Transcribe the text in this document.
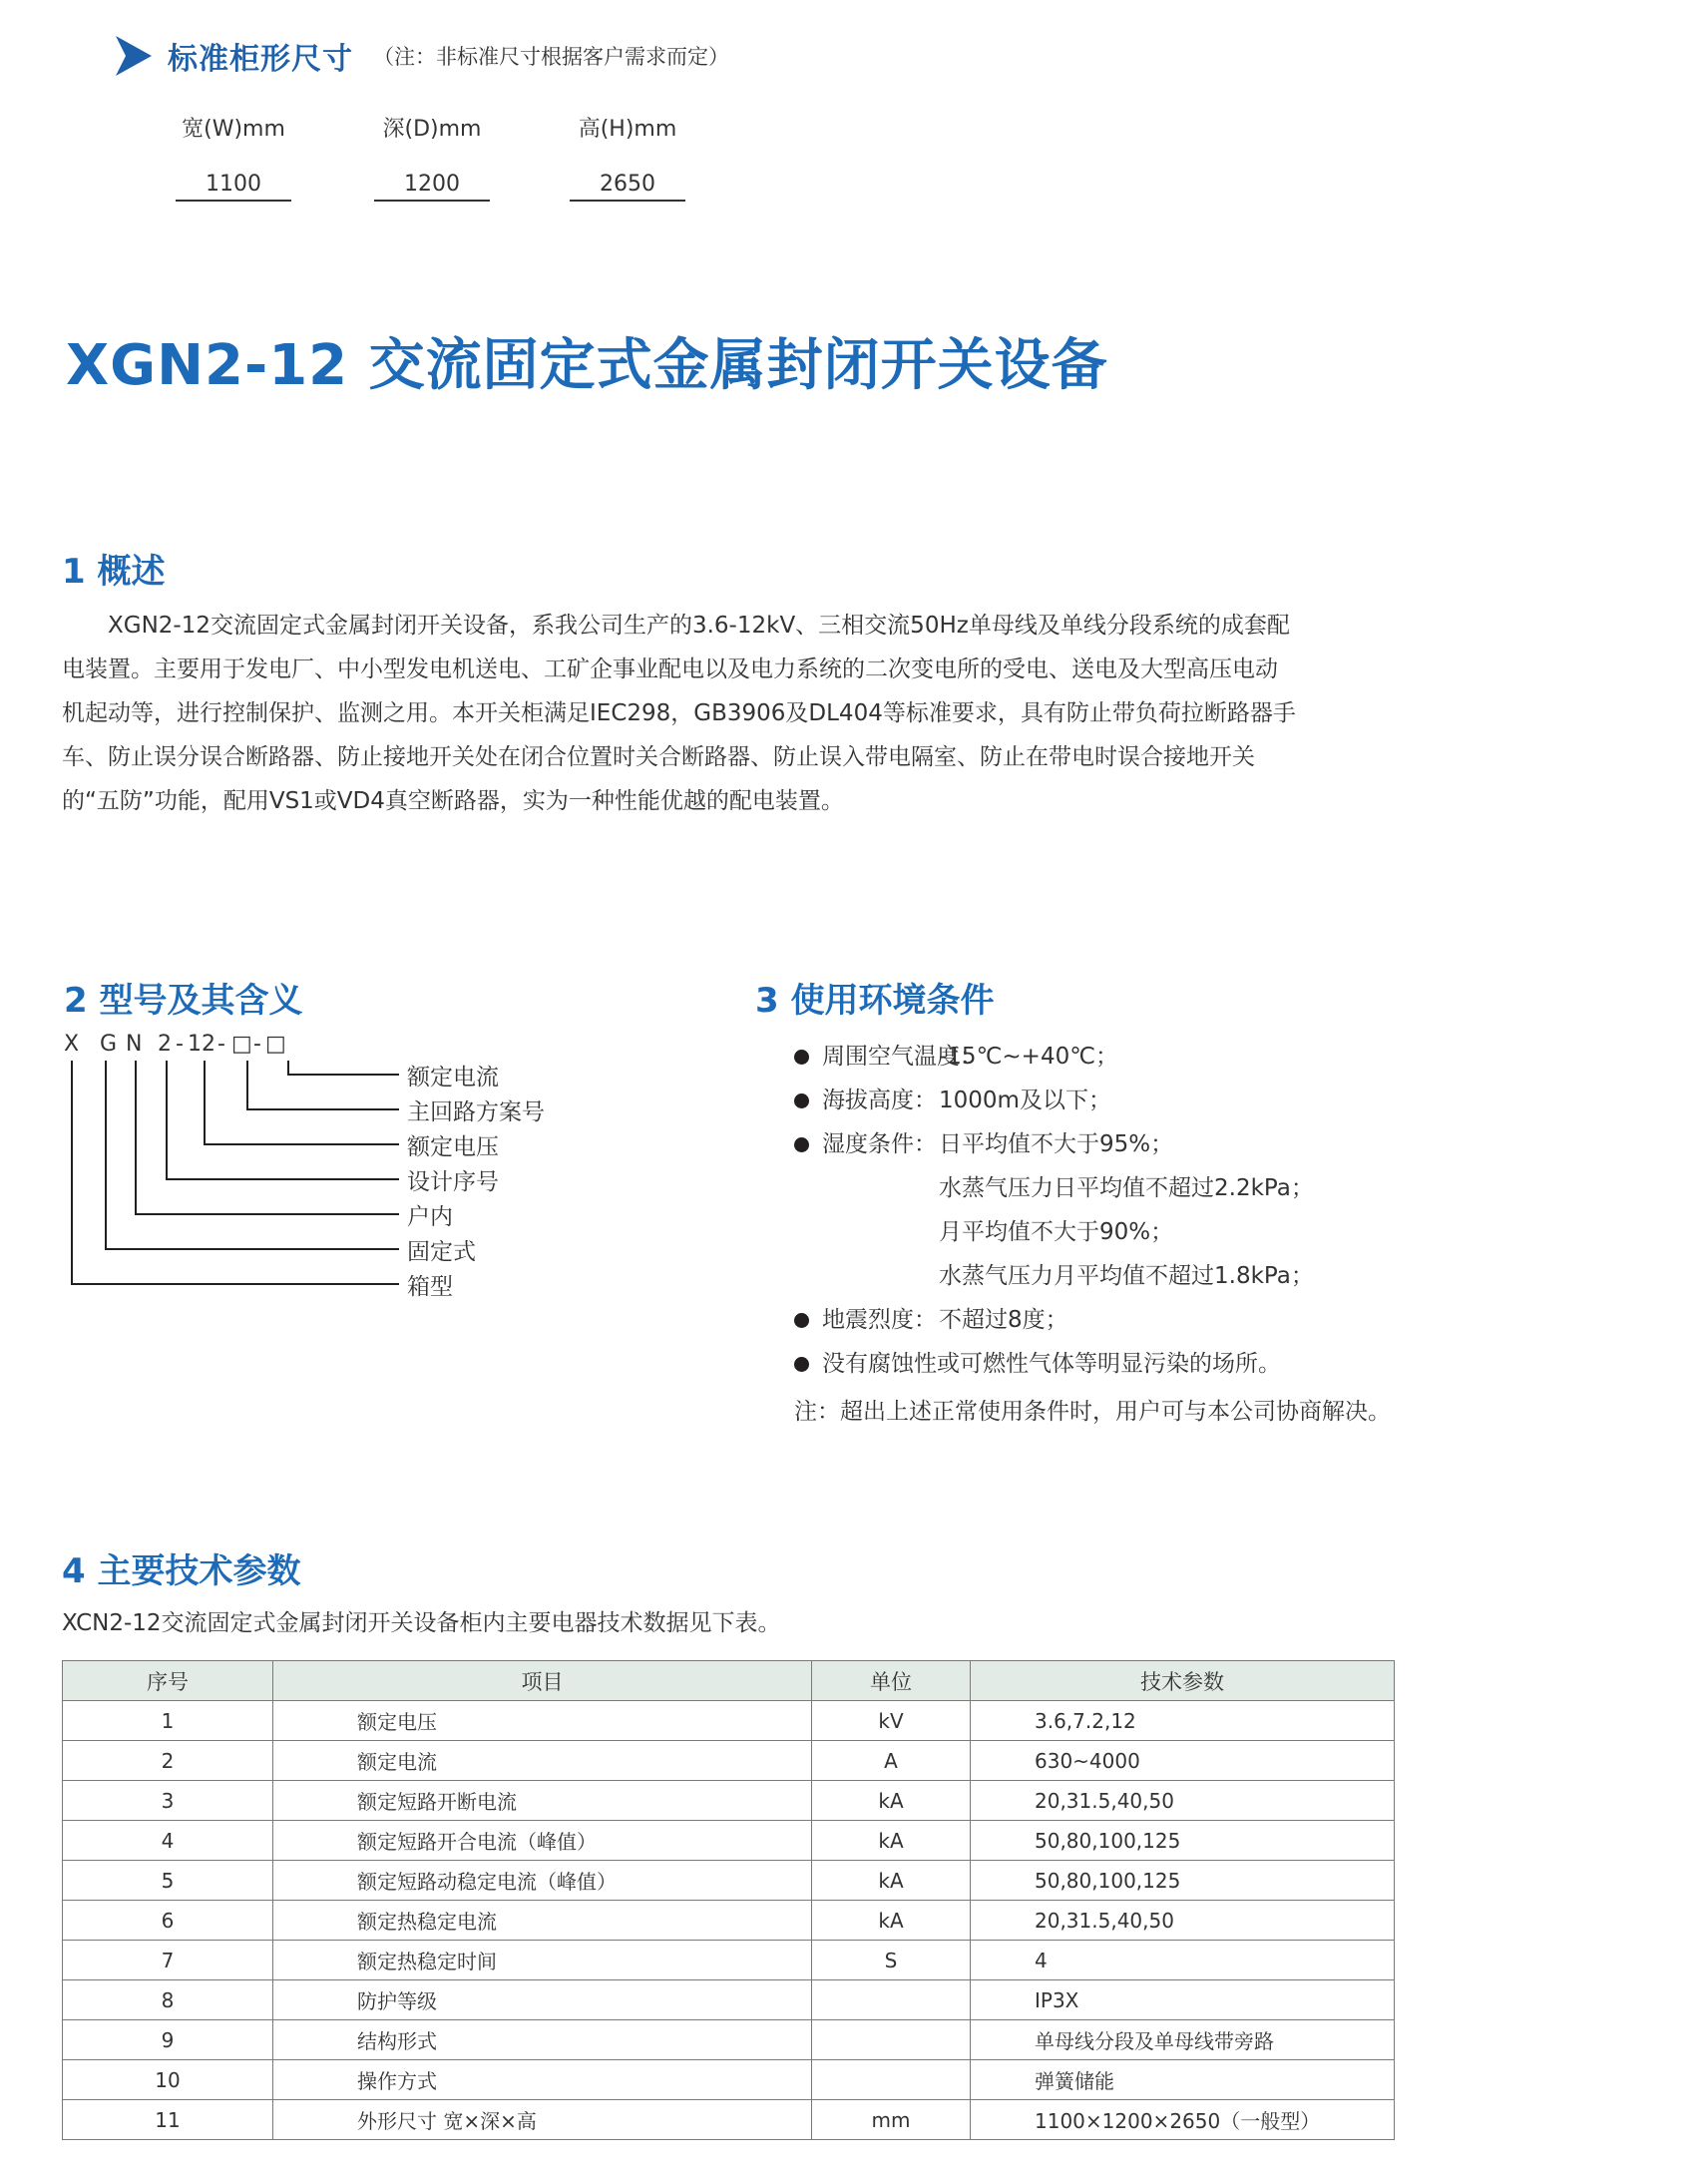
标准柜形尺寸 （注：非标准尺寸根据客户需求而定）
宽(W)mm
1100
深(D)mm
1200
高(H)mm
2650
XGN2-12 交流固定式金属封闭开关设备
1 概述

XGN2-12交流固定式金属封闭开关设备，系我公司生产的3.6-12kV、三相交流50Hz单母线及单线分段系统的成套配电装置。主要用于发电厂、中小型发电机送电、工矿企事业配电以及电力系统的二次变电所的受电、送电及大型高压电动机起动等，进行控制保护、监测之用。本开关柜满足IEC298，GB3906及DL404等标准要求，具有防止带负荷拉断路器手车、防止误分误合断路器、防止接地开关处在闭合位置时关合断路器、防止误入带电隔室、防止在带电时误合接地开关的“五防”功能，配用VS1或VD4真空断路器，实为一种性能优越的配电装置。

2 型号及其含义
X G N 2 - 12 - □ - □
额定电流
主回路方案号
额定电压
设计序号
户内
固定式
箱型
3 使用环境条件
周围空气温度：
-15℃~+40℃；
海拔高度： 1000m及以下；
湿度条件： 日平均值不大于95%；
水蒸气压力日平均值不超过2.2kPa；
月平均值不大于90%；
水蒸气压力月平均值不超过1.8kPa；
地震烈度： 不超过8度；
没有腐蚀性或可燃性气体等明显污染的场所。
注：超出上述正常使用条件时，用户可与本公司协商解决。
4 主要技术参数
XCN2-12交流固定式金属封闭开关设备柜内主要电器技术数据见下表。
序号	项目	单位	技术参数
1	额定电压	kV	3.6,7.2,12
2	额定电流	A	630~4000
3	额定短路开断电流	kA	20,31.5,40,50
4	额定短路开合电流（峰值）	kA	50,80,100,125
5	额定短路动稳定电流（峰值）	kA	50,80,100,125
6	额定热稳定电流	kA	20,31.5,40,50
7	额定热稳定时间	S	4
8	防护等级		IP3X
9	结构形式		单母线分段及单母线带旁路
10	操作方式		弹簧储能
11	外形尺寸 宽×深×高	mm	1100×1200×2650（一般型）
